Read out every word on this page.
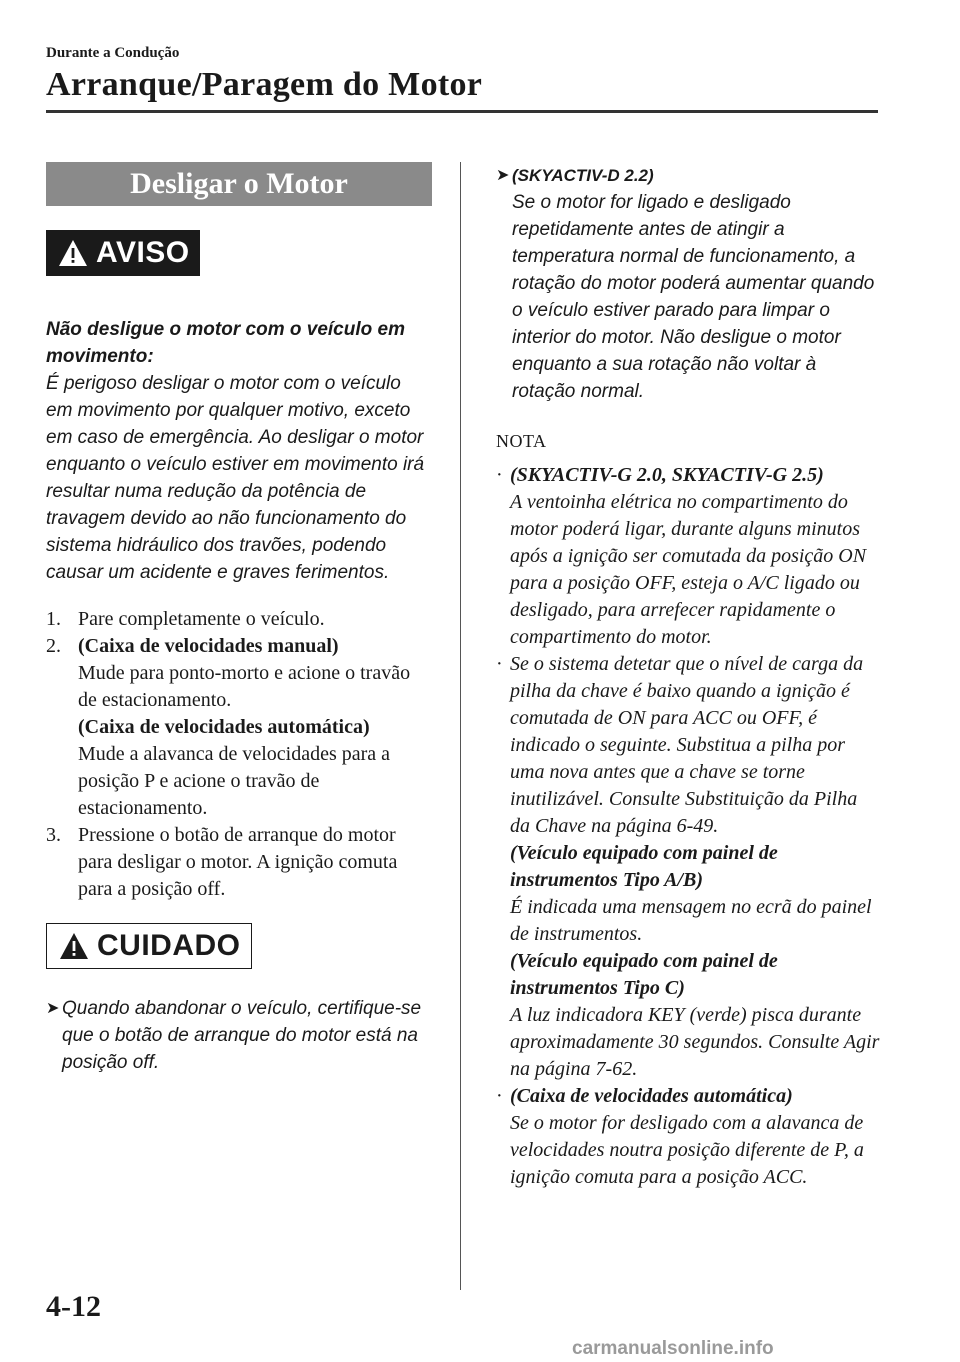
Durante a Condução

Arranque/Paragem do Motor
Desligar o Motor
AVISO

Não desligue o motor com o veículo em movimento:

É perigoso desligar o motor com o veículo em movimento por qualquer motivo, exceto em caso de emergência. Ao desligar o motor enquanto o veículo estiver em movimento irá resultar numa redução da potência de travagem devido ao não funcionamento do sistema hidráulico dos travões, podendo causar um acidente e graves ferimentos.

1. Pare completamente o veículo.
2. (Caixa de velocidades manual)
Mude para ponto-morto e acione o travão de estacionamento.
(Caixa de velocidades automática)
Mude a alavanca de velocidades para a posição P e acione o travão de estacionamento.
3. Pressione o botão de arranque do motor para desligar o motor. A ignição comuta para a posição off.
CUIDADO
➤ Quando abandonar o veículo, certifique-se que o botão de arranque do motor está na posição off.
➤ (SKYACTIV-D 2.2)
Se o motor for ligado e desligado repetidamente antes de atingir a temperatura normal de funcionamento, a rotação do motor poderá aumentar quando o veículo estiver parado para limpar o interior do motor. Não desligue o motor enquanto a sua rotação não voltar à rotação normal.

NOTA

· (SKYACTIV-G 2.0, SKYACTIV-G 2.5)
A ventoinha elétrica no compartimento do motor poderá ligar, durante alguns minutos após a ignição ser comutada da posição ON para a posição OFF, esteja o A/C ligado ou desligado, para arrefecer rapidamente o compartimento do motor.
· Se o sistema detetar que o nível de carga da pilha da chave é baixo quando a ignição é comutada de ON para ACC ou OFF, é indicado o seguinte. Substitua a pilha por uma nova antes que a chave se torne inutilizável. Consulte Substituição da Pilha da Chave na página 6-49.
(Veículo equipado com painel de instrumentos Tipo A/B)
É indicada uma mensagem no ecrã do painel de instrumentos.
(Veículo equipado com painel de instrumentos Tipo C)
A luz indicadora KEY (verde) pisca durante aproximadamente 30 segundos. Consulte Agir na página 7-62.
· (Caixa de velocidades automática)
Se o motor for desligado com a alavanca de velocidades noutra posição diferente de P, a ignição comuta para a posição ACC.
4-12
carmanualsonline.info
